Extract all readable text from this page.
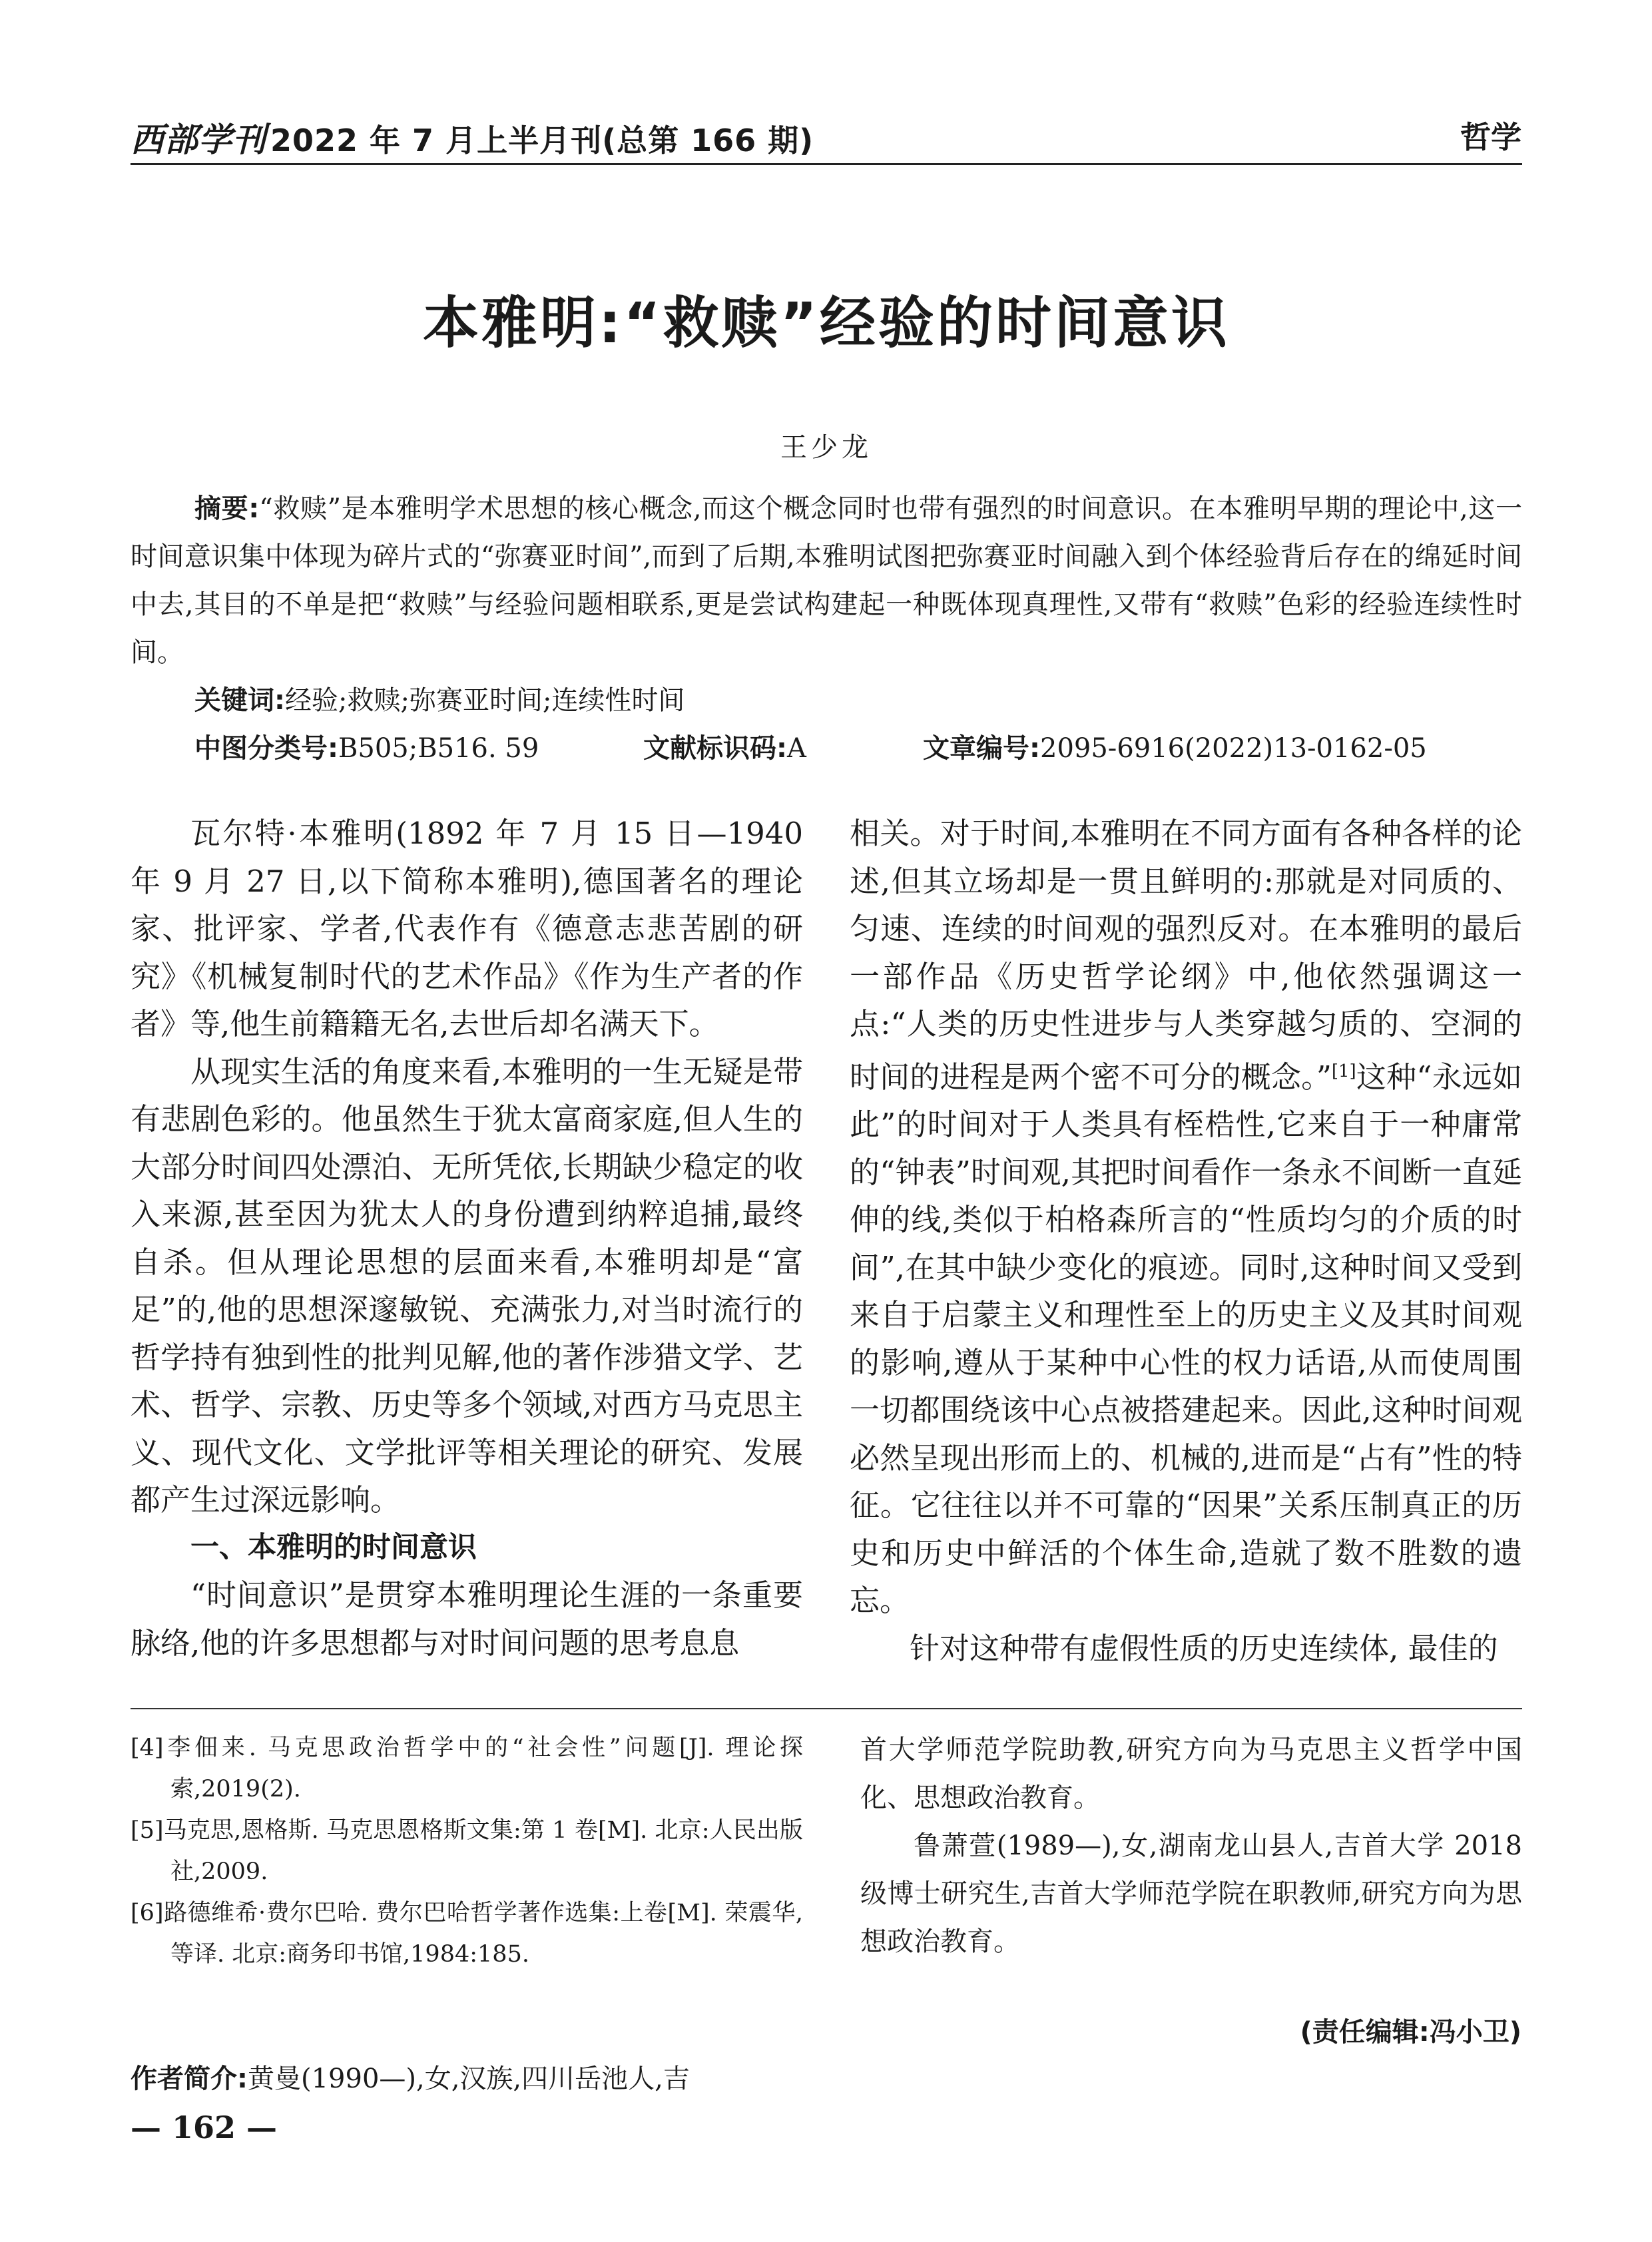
西部学刊 2022 年 7 月上半月刊(总第 166 期)	哲学
本雅明:“救赎”经验的时间意识
王少龙
摘要:“救赎”是本雅明学术思想的核心概念,而这个概念同时也带有强烈的时间意识。在本雅明早期的理论中,这一时间意识集中体现为碎片式的“弥赛亚时间”,而到了后期,本雅明试图把弥赛亚时间融入到个体经验背后存在的绵延时间中去,其目的不单是把“救赎”与经验问题相联系,更是尝试构建起一种既体现真理性,又带有“救赎”色彩的经验连续性时间。
关键词:经验;救赎;弥赛亚时间;连续性时间
中图分类号:B505;B516. 59	文献标识码:A	文章编号:2095-6916(2022)13-0162-05

瓦尔特·本雅明(1892 年 7 月 15 日—1940 年 9 月 27 日,以下简称本雅明),德国著名的理论家、批评家、学者,代表作有《德意志悲苦剧的研究》《机械复制时代的艺术作品》《作为生产者的作者》等,他生前籍籍无名,去世后却名满天下。

从现实生活的角度来看,本雅明的一生无疑是带有悲剧色彩的。他虽然生于犹太富商家庭,但人生的大部分时间四处漂泊、无所凭依,长期缺少稳定的收入来源,甚至因为犹太人的身份遭到纳粹追捕,最终自杀。但从理论思想的层面来看,本雅明却是“富足”的,他的思想深邃敏锐、充满张力,对当时流行的哲学持有独到性的批判见解,他的著作涉猎文学、艺术、哲学、宗教、历史等多个领域,对西方马克思主义、现代文化、文学批评等相关理论的研究、发展都产生过深远影响。

一、本雅明的时间意识

“时间意识”是贯穿本雅明理论生涯的一条重要脉络,他的许多思想都与对时间问题的思考息息

相关。对于时间,本雅明在不同方面有各种各样的论述,但其立场却是一贯且鲜明的:那就是对同质的、匀速、连续的时间观的强烈反对。在本雅明的最后一部作品《历史哲学论纲》中,他依然强调这一点:“人类的历史性进步与人类穿越匀质的、空洞的时间的进程是两个密不可分的概念。”[1]这种“永远如此”的时间对于人类具有桎梏性,它来自于一种庸常的“钟表”时间观,其把时间看作一条永不间断一直延伸的线,类似于柏格森所言的“性质均匀的介质的时间”,在其中缺少变化的痕迹。同时,这种时间又受到来自于启蒙主义和理性至上的历史主义及其时间观的影响,遵从于某种中心性的权力话语,从而使周围一切都围绕该中心点被搭建起来。因此,这种时间观必然呈现出形而上的、机械的,进而是“占有”性的特征。它往往以并不可靠的“因果”关系压制真正的历史和历史中鲜活的个体生命,造就了数不胜数的遗忘。

针对这种带有虚假性质的历史连续体, 最佳的

[4]李佃来. 马克思政治哲学中的“社会性”问题[J]. 理论探索,2019(2).
[5]马克思,恩格斯. 马克思恩格斯文集:第 1 卷[M]. 北京:人民出版社,2009.
[6]路德维希·费尔巴哈. 费尔巴哈哲学著作选集:上卷[M]. 荣震华,等译. 北京:商务印书馆,1984:185.

首大学师范学院助教,研究方向为马克思主义哲学中国化、思想政治教育。

鲁萧萱(1989—),女,湖南龙山县人,吉首大学 2018 级博士研究生,吉首大学师范学院在职教师,研究方向为思想政治教育。

(责任编辑:冯小卫)
作者简介:黄曼(1990—),女,汉族,四川岳池人,吉
— 162 —
